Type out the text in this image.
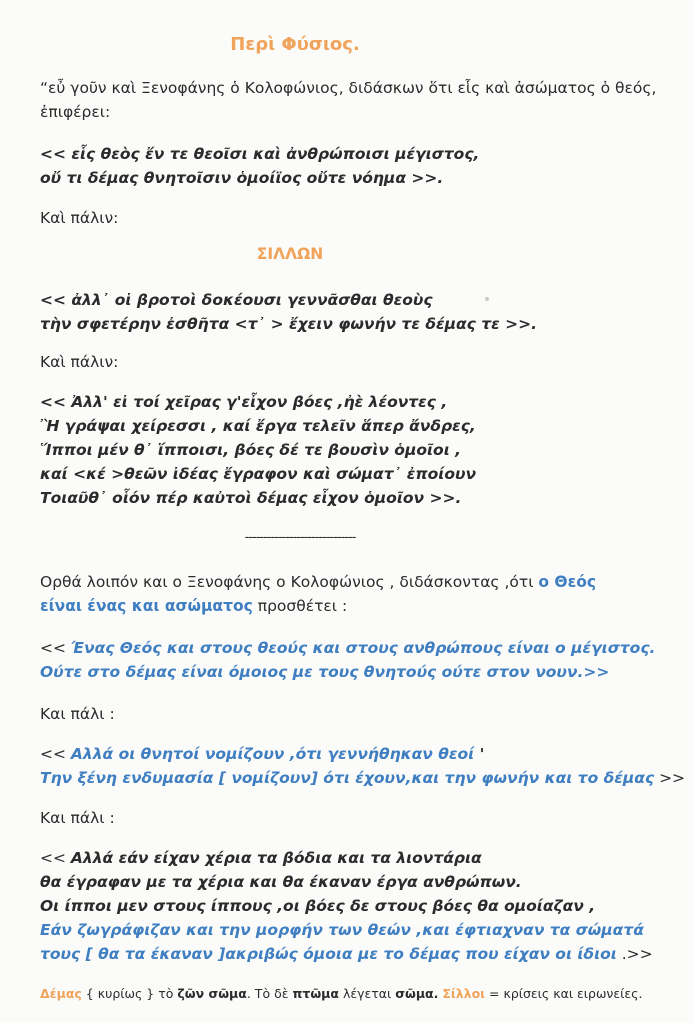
Περὶ Φύσιος.
“εὖ γοῦν καὶ Ξενοφάνης ὁ Κολοφώνιος, διδάσκων ὅτι εἷς καὶ ἀσώματος ὁ θεός, ἐπιφέρει:
<< εἷς θεὸς ἔν τε θεοῖσι καὶ ἀνθρώποισι μέγιστος,
οὔ τι δέμας θνητοῖσιν ὁμοίϊος οὔτε νόημα >>.
Καὶ πάλιν:
ΣΙΛΛΩΝ
<< ἀλλ᾽ οἱ βροτοὶ δοκέουσι γεννᾶσθαι θεοὺς
τὴν σφετέρην ἐσθῆτα <τ᾽ > ἔχειν φωνήν τε δέμας τε >>.
Καὶ πάλιν:
<< Ἀλλ' εἰ τοί χεῖρας γ'εἶχον βόες ,ἠὲ λέοντες ,
Ἢ γράψαι χείρεσσι , καί ἔργα τελεῖν ἅπερ ἄνδρες,
Ἵπποι μέν θ᾽ ἵπποισι, βόες δέ τε βουσὶν ὁμοῖοι ,
καί <κέ >θεῶν ἰδέας ἔγραφον καὶ σώματ᾽ ἐποίουν
Τοιαῦθ᾽ οἷόν πέρ καὐτοὶ δέμας εἶχον ὁμοῖον >>.
------------------------------
Ορθά λοιπόν και ο Ξενοφάνης ο Κολοφώνιος , διδάσκοντας ,ότι ο Θεός
είναι ένας και ασώματος προσθέτει :
<< Ένας Θεός και στους θεούς και στους ανθρώπους είναι ο μέγιστος.
Ούτε στο δέμας είναι όμοιος με τους θνητούς ούτε στον νουν.>>
Και πάλι :
<< Αλλά οι θνητοί νομίζουν ,ότι γεννήθηκαν θεοί '
Την ξένη ενδυμασία [ νομίζουν] ότι έχουν,και την φωνήν και το δέμας >>
Και πάλι :
<< Αλλά εάν είχαν χέρια τα βόδια και τα λιοντάρια
θα έγραφαν με τα χέρια και θα έκαναν έργα ανθρώπων.
Οι ίπποι μεν στους ίππους ,οι βόες δε στους βόες θα ομοίαζαν ,
Εάν ζωγράφιζαν και την μορφήν των θεών ,και έφτιαχναν τα σώματά
τους [ θα τα έκαναν ]ακριβώς όμοια με το δέμας που είχαν οι ίδιοι .>>
Δέμας { κυρίως } τὸ ζῶν σῶμα. Τὸ δὲ πτῶμα λέγεται σῶμα. Σίλλοι = κρίσεις και ειρωνείες.
